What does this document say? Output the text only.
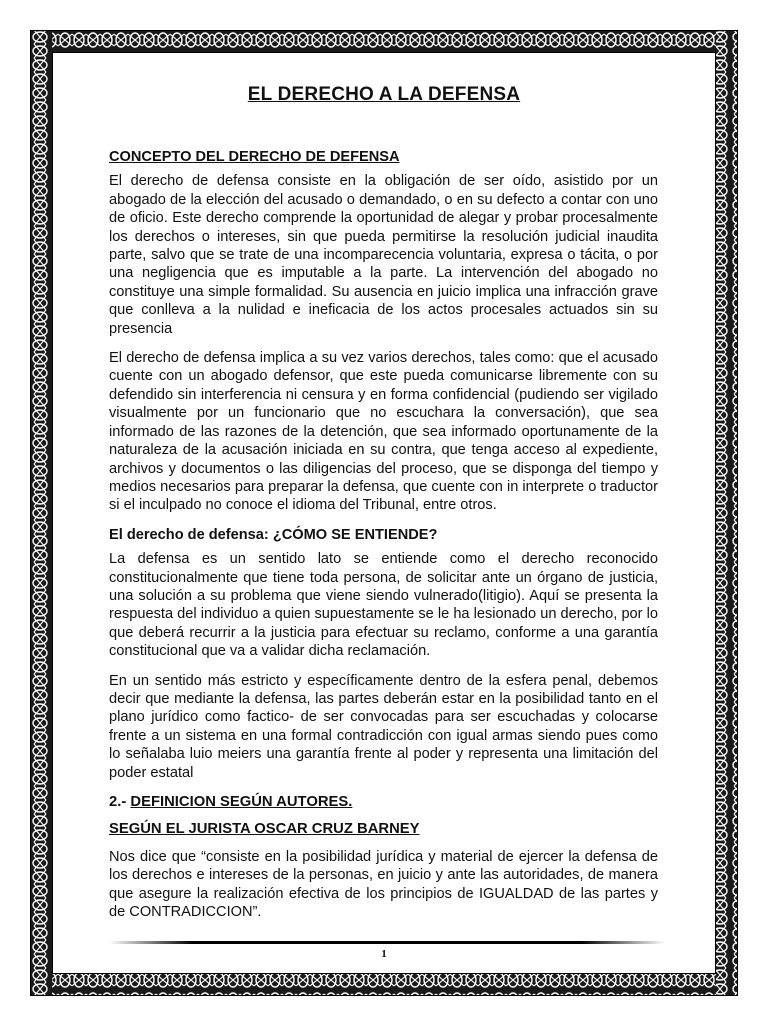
EL DERECHO A LA DEFENSA
CONCEPTO DEL DERECHO DE DEFENSA

El derecho de defensa consiste en la obligación de ser oído, asistido por un abogado de la elección del acusado o demandado, o en su defecto a contar con uno de oficio. Este derecho comprende la oportunidad de alegar y probar procesalmente los derechos o intereses, sin que pueda permitirse la resolución judicial inaudita parte, salvo que se trate de una incomparecencia voluntaria, expresa o tácita, o por una negligencia que es imputable a la parte. La intervención del abogado no constituye una simple formalidad. Su ausencia en juicio implica una infracción grave que conlleva a la nulidad e ineficacia de los actos procesales actuados sin su presencia

El derecho de defensa implica a su vez varios derechos, tales como: que el acusado cuente con un abogado defensor, que este pueda comunicarse libremente con su defendido sin interferencia ni censura y en forma confidencial (pudiendo ser vigilado visualmente por un funcionario que no escuchara la conversación), que sea informado de las razones de la detención, que sea informado oportunamente de la naturaleza de la acusación iniciada en su contra, que tenga acceso al expediente, archivos y documentos o las diligencias del proceso, que se disponga del tiempo y medios necesarios para preparar la defensa, que cuente con in interprete o traductor si el inculpado no conoce el idioma del Tribunal, entre otros.

El derecho de defensa: ¿CÓMO SE ENTIENDE?

La defensa es un sentido lato se entiende como el derecho reconocido constitucionalmente que tiene toda persona, de solicitar ante un órgano de justicia, una solución a su problema que viene siendo vulnerado(litigio). Aquí se presenta la respuesta del individuo a quien supuestamente se le ha lesionado un derecho, por lo que deberá recurrir a la justicia para efectuar su reclamo, conforme a una garantía constitucional que va a validar dicha reclamación.

En un sentido más estricto y específicamente dentro de la esfera penal, debemos decir que mediante la defensa, las partes deberán estar en la posibilidad tanto en el plano jurídico como factico- de ser convocadas para ser escuchadas y colocarse frente a un sistema en una formal contradicción con igual armas siendo pues como lo señalaba luio meiers una garantía frente al poder y representa una limitación del poder estatal

2.- DEFINICION SEGÚN AUTORES.
SEGÚN EL JURISTA OSCAR CRUZ BARNEY

Nos dice que “consiste en la posibilidad jurídica y material de ejercer la defensa de los derechos e intereses de la personas, en juicio y ante las autoridades, de manera que asegure la realización efectiva de los principios de IGUALDAD de las partes y de CONTRADICCION”.

1
